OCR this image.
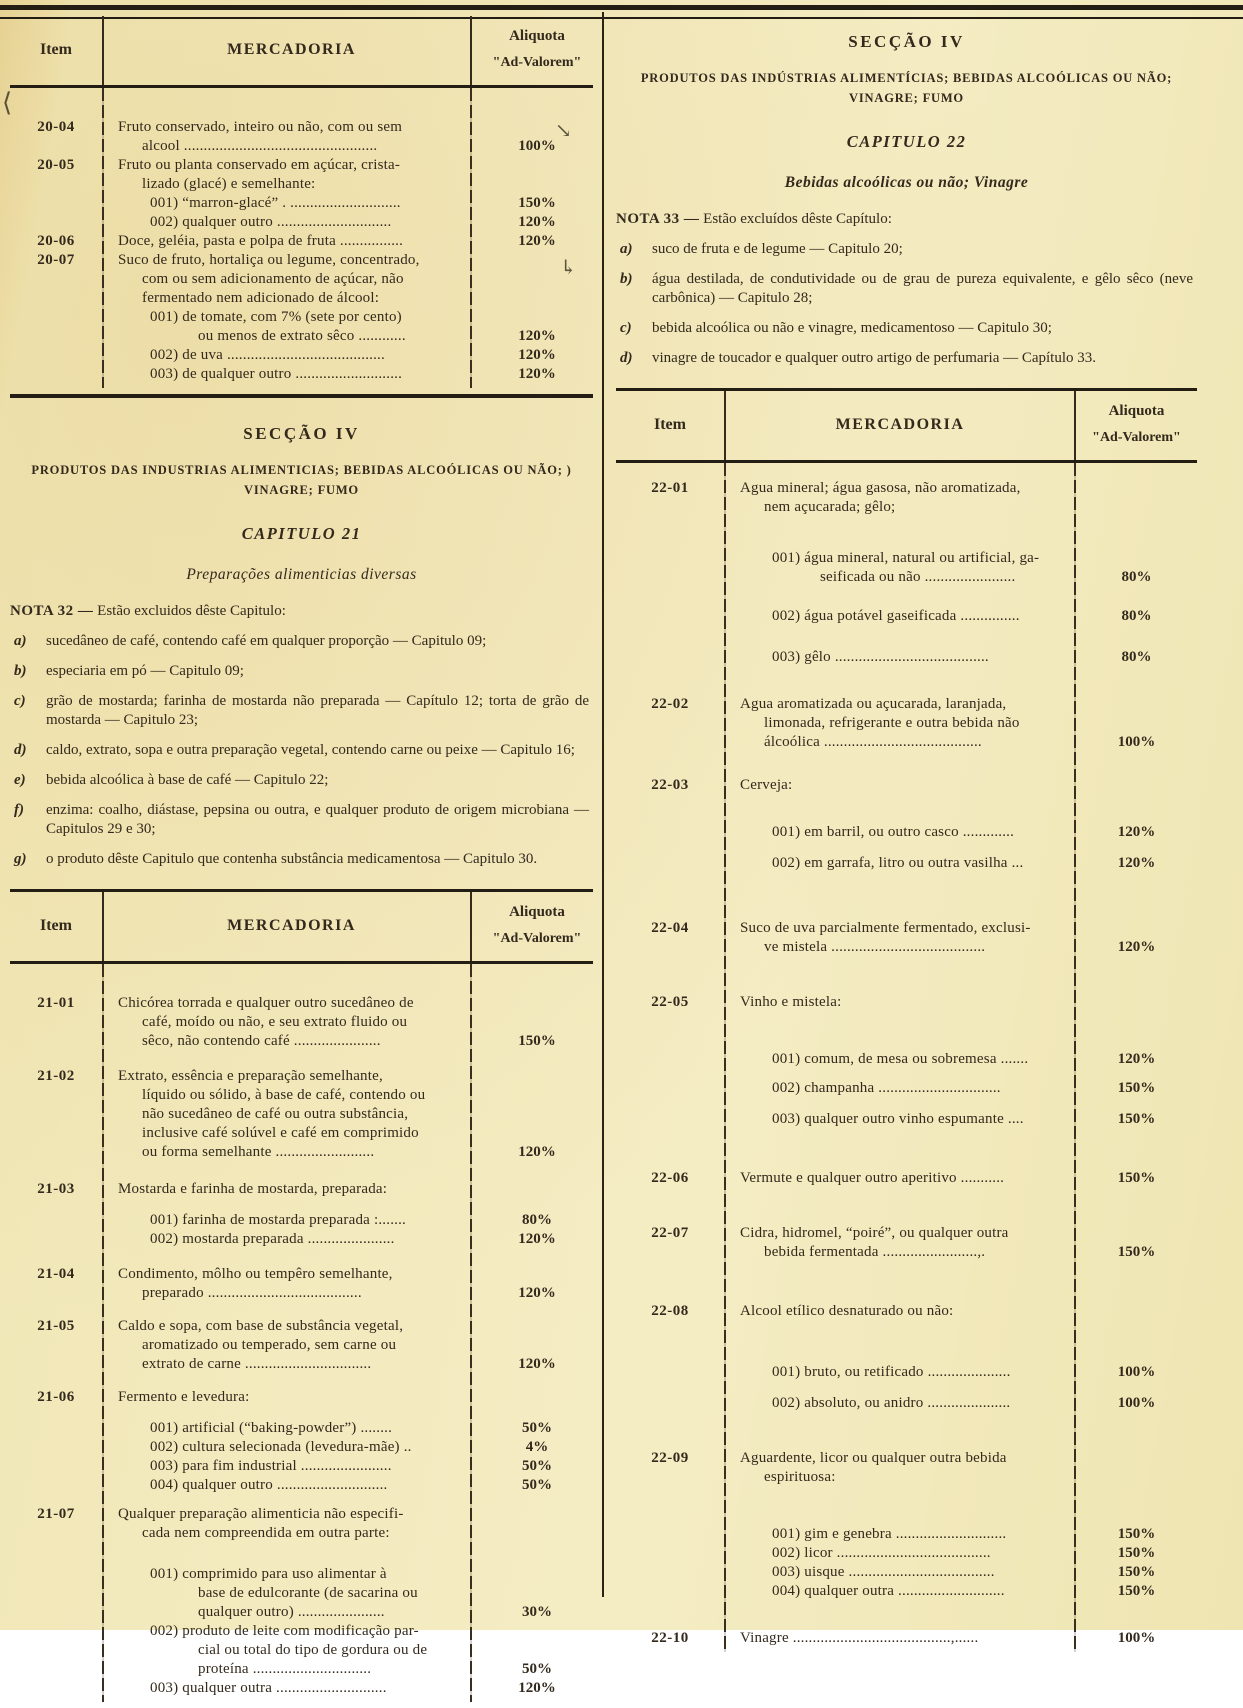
⟨
↘
↳
Item	MERCADORIA
Aliquota
"Ad-Valorem"
20-04	Fruto conservado, inteiro ou não, com ou sem
alcool .................................................	100%
20-05	Fruto ou planta conservado em açúcar, crista-
lizado (glacé) e semelhante:
001) “marron-glacé” . ............................	150%
002) qualquer outro .............................	120%
20-06	Doce, geléia, pasta e polpa de fruta ................	120%
20-07	Suco de fruto, hortaliça ou legume, concentrado,
com ou sem adicionamento de açúcar, não
fermentado nem adicionado de álcool:
001) de tomate, com 7% (sete por cento)
ou menos de extrato sêco ............	120%
002) de uva ........................................	120%
003) de qualquer outro ...........................	120%
SECÇÃO IV
PRODUTOS DAS INDUSTRIAS ALIMENTICIAS; BEBIDAS ALCOÓLICAS OU NÃO; )
VINAGRE; FUMO
CAPITULO 21
Preparações alimenticias diversas
NOTA 32 — Estão excluidos dêste Capitulo:
a)	sucedâneo de café, contendo café em qualquer proporção — Capitulo 09;
b)	especiaria em pó — Capitulo 09;
c)	grão de mostarda; farinha de mostarda não preparada — Capítulo 12; torta de grão de mostarda — Capitulo 23;
d)	caldo, extrato, sopa e outra preparação vegetal, contendo carne ou peixe — Capitulo 16;
e)	bebida alcoólica à base de café — Capitulo 22;
f)	enzima: coalho, diástase, pepsina ou outra, e qualquer produto de origem microbiana — Capitulos 29 e 30;
g)	o produto dêste Capitulo que contenha substância medicamentosa — Capitulo 30.
Item	MERCADORIA
Aliquota
"Ad-Valorem"
21-01	Chicórea torrada e qualquer outro sucedâneo de
café, moído ou não, e seu extrato fluido ou
sêco, não contendo café ......................	150%
21-02	Extrato, essência e preparação semelhante,
líquido ou sólido, à base de café, contendo ou
não sucedâneo de café ou outra substância,
inclusive café solúvel e café em comprimido
ou forma semelhante .........................	120%
21-03	Mostarda e farinha de mostarda, preparada:
001) farinha de mostarda preparada :.......	80%
002) mostarda preparada ......................	120%
21-04	Condimento, môlho ou tempêro semelhante,
preparado .......................................	120%
21-05	Caldo e sopa, com base de substância vegetal,
aromatizado ou temperado, sem carne ou
extrato de carne ................................	120%
21-06	Fermento e levedura:
001) artificial (“baking-powder”) ........	50%
002) cultura selecionada (levedura-mãe) ..	4%
003) para fim industrial .......................	50%
004) qualquer outro ............................	50%
21-07	Qualquer preparação alimenticia não especifi-
cada nem compreendida em outra parte:
001) comprimido para uso alimentar à
base de edulcorante (de sacarina ou
qualquer outro) ......................	30%
002) produto de leite com modificação par-
cial ou total do tipo de gordura ou de
proteína ..............................	50%
003) qualquer outra ............................	120%
SECÇÃO IV
PRODUTOS DAS INDÚSTRIAS ALIMENTÍCIAS; BEBIDAS ALCOÓLICAS OU NÃO;
VINAGRE; FUMO
CAPITULO 22
Bebidas alcoólicas ou não; Vinagre
NOTA 33 — Estão excluídos dêste Capítulo:
a)	suco de fruta e de legume — Capitulo 20;
b)	água destilada, de condutividade ou de grau de pureza equivalente, e gêlo sêco (neve carbônica) — Capitulo 28;
c)	bebida alcoólica ou não e vinagre, medicamentoso — Capitulo 30;
d)	vinagre de toucador e qualquer outro artigo de perfumaria — Capítulo 33.
Item	MERCADORIA
Aliquota
"Ad-Valorem"
22-01	Agua mineral; água gasosa, não aromatizada,
nem açucarada; gêlo;
001) água mineral, natural ou artificial, ga-
seificada ou não .......................	80%
002) água potável gaseificada ...............	80%
003) gêlo .......................................	80%
22-02	Agua aromatizada ou açucarada, laranjada,
limonada, refrigerante e outra bebida não
álcoólica ........................................	100%
22-03	Cerveja:
001) em barril, ou outro casco .............	120%
002) em garrafa, litro ou outra vasilha ...	120%
22-04	Suco de uva parcialmente fermentado, exclusi-
ve mistela .......................................	120%
22-05	Vinho e mistela:
001) comum, de mesa ou sobremesa .......	120%
002) champanha ...............................	150%
003) qualquer outro vinho espumante ....	150%
22-06	Vermute e qualquer outro aperitivo ...........	150%
22-07	Cidra, hidromel, “poiré”, ou qualquer outra
bebida fermentada ........................,.	150%
22-08	Alcool etílico desnaturado ou não:
001) bruto, ou retificado .....................	100%
002) absoluto, ou anidro .....................	100%
22-09	Aguardente, licor ou qualquer outra bebida
espirituosa:
001) gim e genebra ............................	150%
002) licor .......................................	150%
003) uisque .....................................	150%
004) qualquer outra ...........................	150%
22-10	Vinagre ........................................,......	100%
